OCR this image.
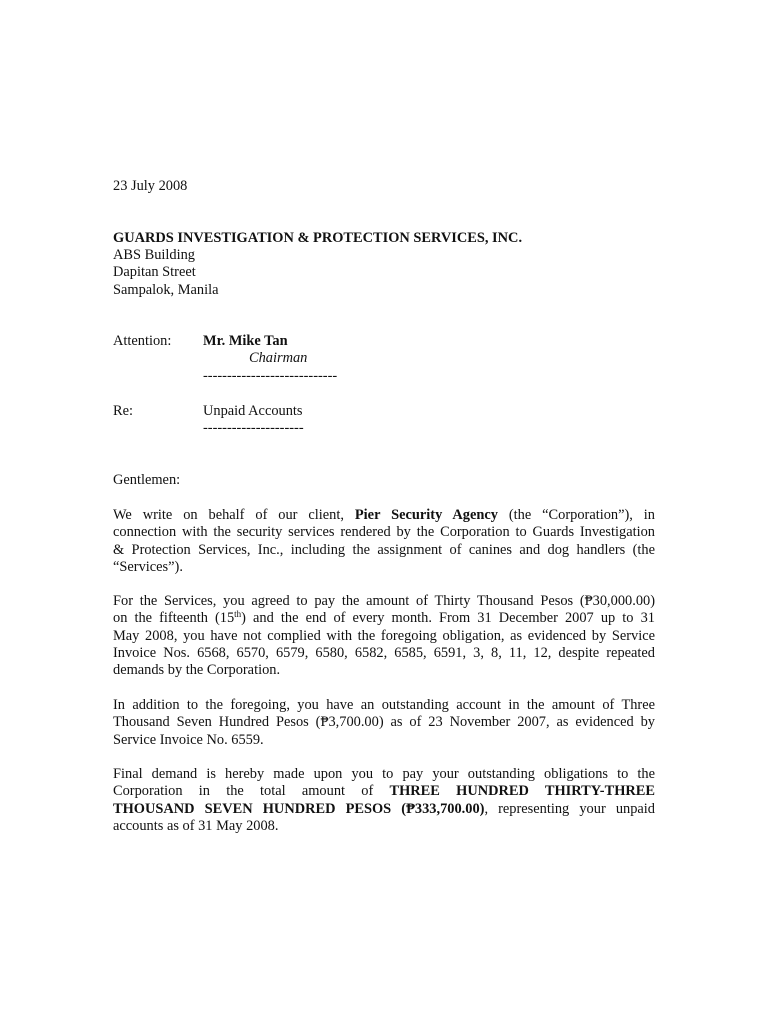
23 July 2008
GUARDS INVESTIGATION & PROTECTION SERVICES, INC.
ABS Building
Dapitan Street
Sampalok, Manila
Attention: Mr. Mike Tan
Chairman
----------------------------
Re:	Unpaid Accounts
---------------------
Gentlemen:
We write on behalf of our client, Pier Security Agency (the “Corporation”), in
connection with the security services rendered by the Corporation to Guards Investigation
& Protection Services, Inc., including the assignment of canines and dog handlers (the
“Services”).
For the Services, you agreed to pay the amount of Thirty Thousand Pesos (₱30,000.00)
on the fifteenth (15th) and the end of every month. From 31 December 2007 up to 31
May 2008, you have not complied with the foregoing obligation, as evidenced by Service
Invoice Nos. 6568, 6570, 6579, 6580, 6582, 6585, 6591, 3, 8, 11, 12, despite repeated
demands by the Corporation.
In addition to the foregoing, you have an outstanding account in the amount of Three
Thousand Seven Hundred Pesos (₱3,700.00) as of 23 November 2007, as evidenced by
Service Invoice No. 6559.
Final demand is hereby made upon you to pay your outstanding obligations to the
Corporation in the total amount of THREE HUNDRED THIRTY-THREE
THOUSAND SEVEN HUNDRED PESOS (₱333,700.00), representing your unpaid
accounts as of 31 May 2008.
